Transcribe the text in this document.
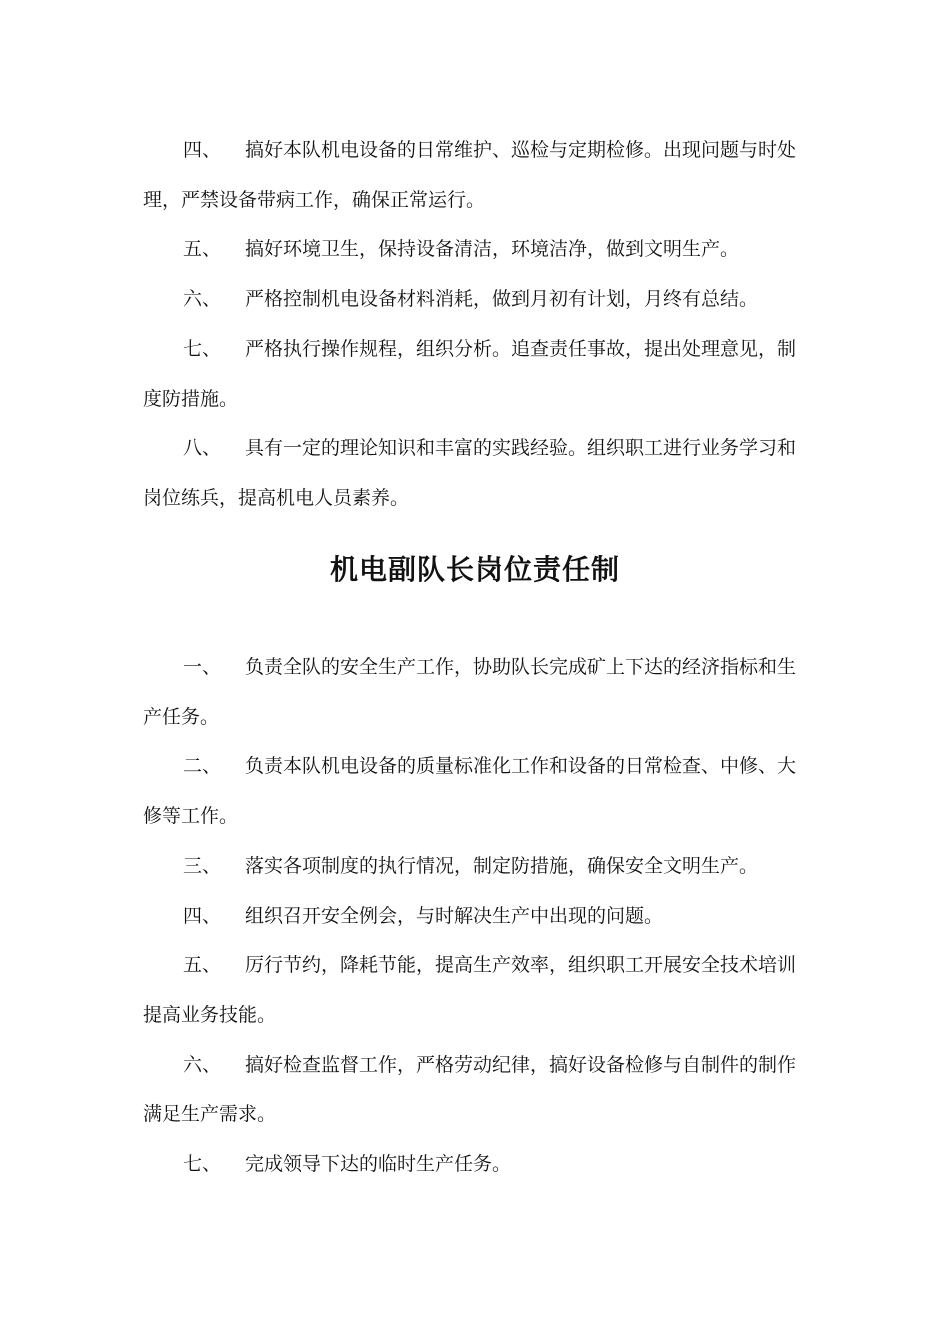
四、 搞好本队机电设备的日常维护、巡检与定期检修。出现问题与时处理，严禁设备带病工作，确保正常运行。
五、 搞好环境卫生，保持设备清洁，环境洁净，做到文明生产。
六、 严格控制机电设备材料消耗，做到月初有计划，月终有总结。
七、 严格执行操作规程，组织分析。追查责任事故，提出处理意见，制度防措施。
八、 具有一定的理论知识和丰富的实践经验。组织职工进行业务学习和岗位练兵，提高机电人员素养。
机电副队长岗位责任制
一、 负责全队的安全生产工作，协助队长完成矿上下达的经济指标和生产任务。
二、 负责本队机电设备的质量标准化工作和设备的日常检查、中修、大修等工作。
三、 落实各项制度的执行情况，制定防措施，确保安全文明生产。
四、 组织召开安全例会，与时解决生产中出现的问题。
五、 厉行节约，降耗节能，提高生产效率，组织职工开展安全技术培训提高业务技能。
六、 搞好检查监督工作，严格劳动纪律，搞好设备检修与自制件的制作满足生产需求。
七、 完成领导下达的临时生产任务。
